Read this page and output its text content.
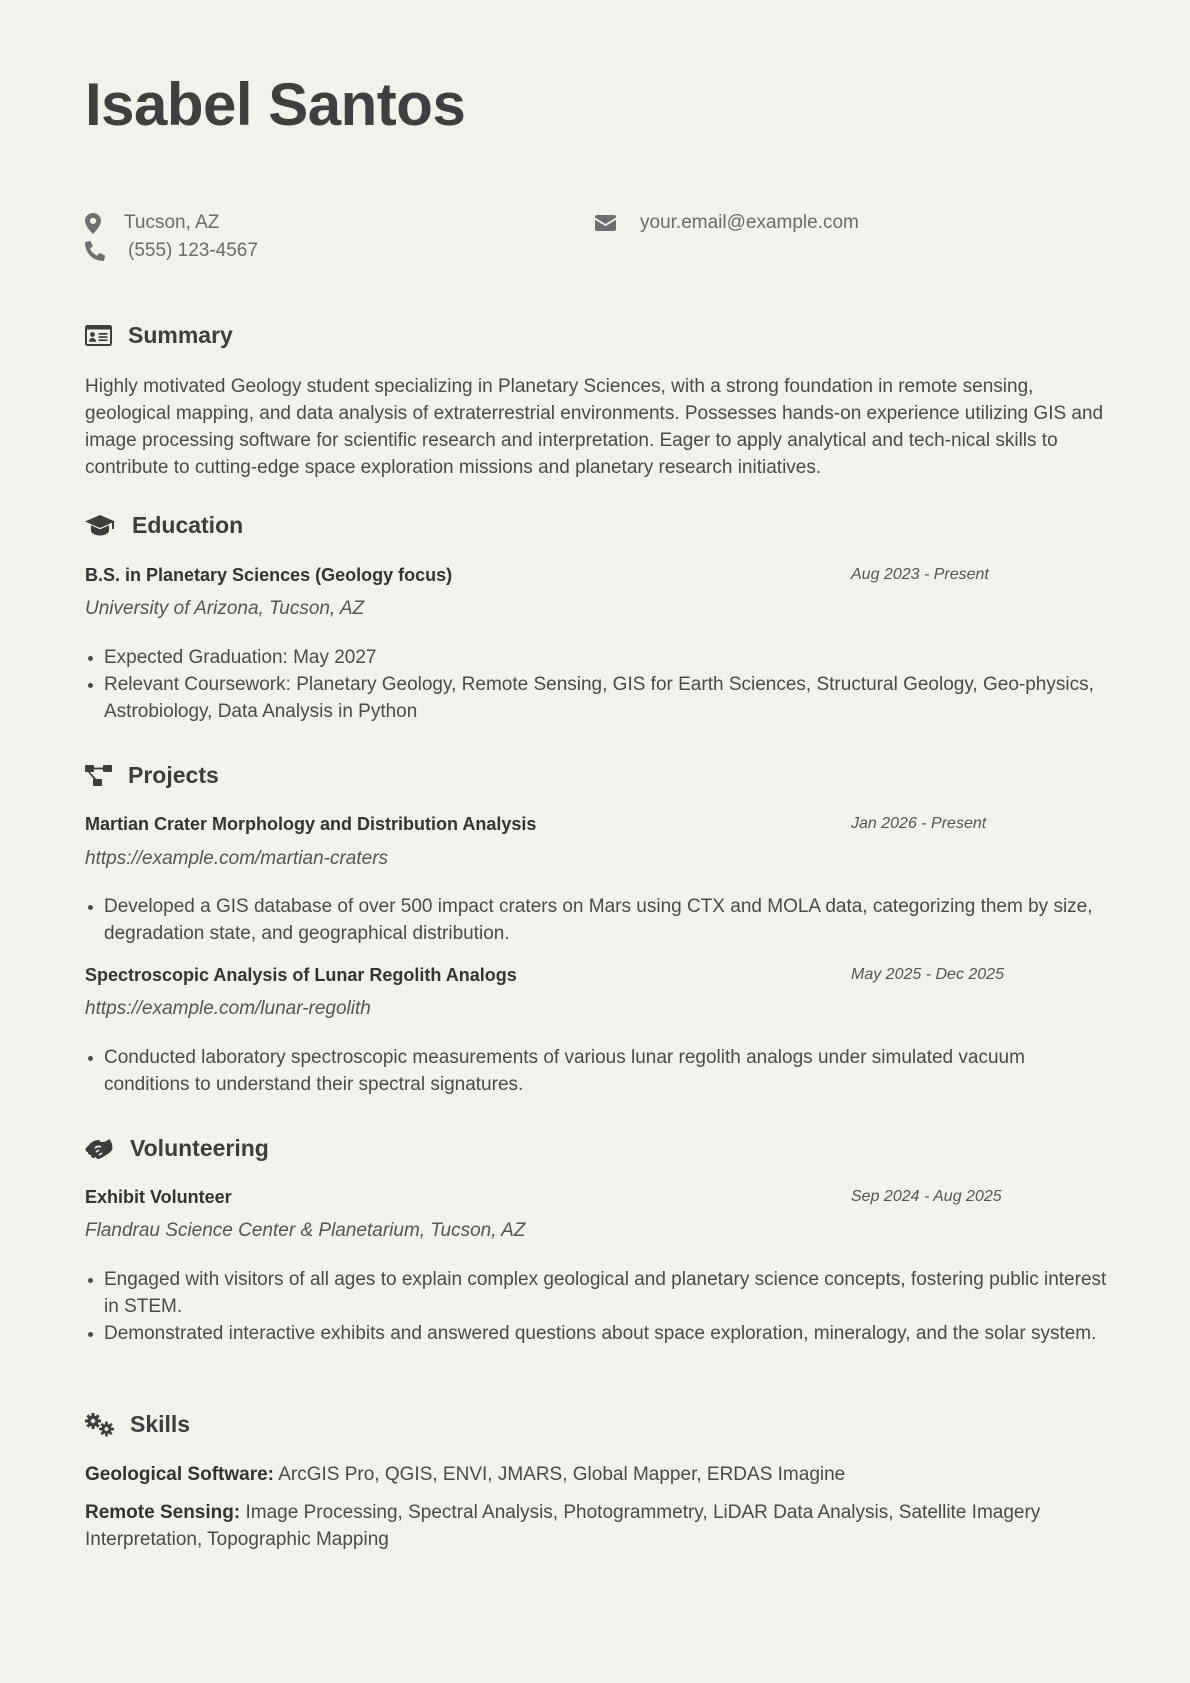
Isabel Santos
Tucson, AZ
(555) 123-4567
your.email@example.com
Summary

Highly motivated Geology student specializing in Planetary Sciences, with a strong foundation in remote sensing, geological mapping, and data analysis of extraterrestrial environments. Possesses hands-on experience utilizing GIS and image processing software for scientific research and interpretation. Eager to apply analytical and tech-nical skills to contribute to cutting-edge space exploration missions and planetary research initiatives.

Education
B.S. in Planetary Sciences (Geology focus)	Aug 2023 - Present
University of Arizona, Tucson, AZ
Expected Graduation: May 2027
Relevant Coursework: Planetary Geology, Remote Sensing, GIS for Earth Sciences, Structural Geology, Geo-physics, Astrobiology, Data Analysis in Python
Projects
Martian Crater Morphology and Distribution Analysis	Jan 2026 - Present
https://example.com/martian-craters
Developed a GIS database of over 500 impact craters on Mars using CTX and MOLA data, categorizing them by size, degradation state, and geographical distribution.
Spectroscopic Analysis of Lunar Regolith Analogs	May 2025 - Dec 2025
https://example.com/lunar-regolith
Conducted laboratory spectroscopic measurements of various lunar regolith analogs under simulated vacuum conditions to understand their spectral signatures.
Volunteering
Exhibit Volunteer	Sep 2024 - Aug 2025
Flandrau Science Center & Planetarium, Tucson, AZ
Engaged with visitors of all ages to explain complex geological and planetary science concepts, fostering public interest in STEM.
Demonstrated interactive exhibits and answered questions about space exploration, mineralogy, and the solar system.
Skills

Geological Software: ArcGIS Pro, QGIS, ENVI, JMARS, Global Mapper, ERDAS Imagine

Remote Sensing: Image Processing, Spectral Analysis, Photogrammetry, LiDAR Data Analysis, Satellite Imagery Interpretation, Topographic Mapping
